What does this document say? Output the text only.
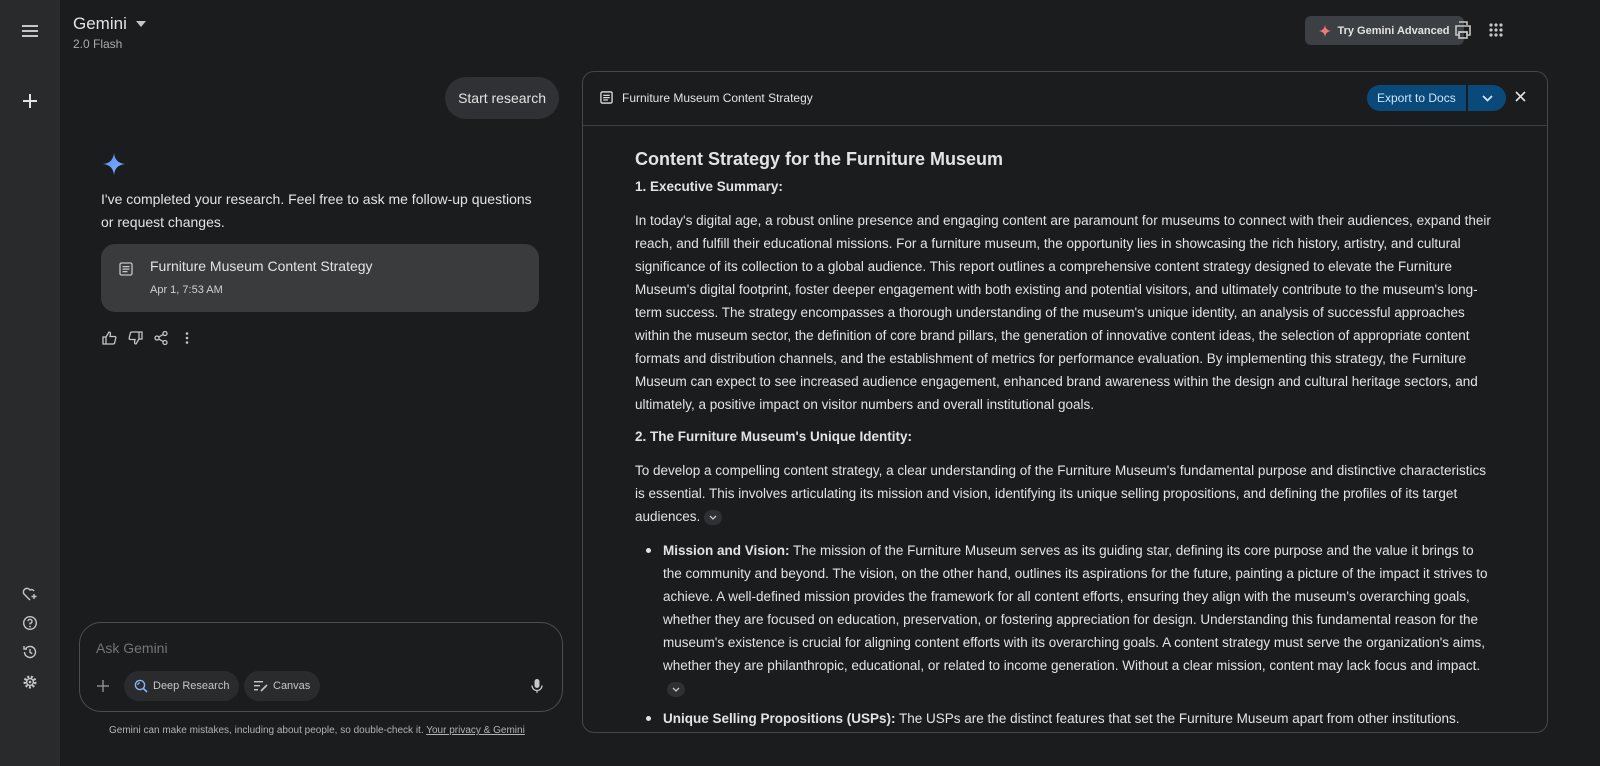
Gemini
2.0 Flash
Try Gemini Advanced
Start research
I've completed your research. Feel free to ask me follow-up questions or request changes.
Furniture Museum Content Strategy
Apr 1, 7:53 AM
Ask Gemini
Deep Research	Canvas
Gemini can make mistakes, including about people, so double-check it. Your privacy & Gemini
Furniture Museum Content Strategy	Export to Docs
Content Strategy for the Furniture Museum
1. Executive Summary:

In today's digital age, a robust online presence and engaging content are paramount for museums to connect with their audiences, expand their reach, and fulfill their educational missions. For a furniture museum, the opportunity lies in showcasing the rich history, artistry, and cultural significance of its collection to a global audience. This report outlines a comprehensive content strategy designed to elevate the Furniture Museum's digital footprint, foster deeper engagement with both existing and potential visitors, and ultimately contribute to the museum's long-term success. The strategy encompasses a thorough understanding of the museum's unique identity, an analysis of successful approaches within the museum sector, the definition of core brand pillars, the generation of innovative content ideas, the selection of appropriate content formats and distribution channels, and the establishment of metrics for performance evaluation. By implementing this strategy, the Furniture Museum can expect to see increased audience engagement, enhanced brand awareness within the design and cultural heritage sectors, and ultimately, a positive impact on visitor numbers and overall institutional goals.

2. The Furniture Museum's Unique Identity:

To develop a compelling content strategy, a clear understanding of the Furniture Museum's fundamental purpose and distinctive characteristics is essential. This involves articulating its mission and vision, identifying its unique selling propositions, and defining the profiles of its target audiences.

Mission and Vision: The mission of the Furniture Museum serves as its guiding star, defining its core purpose and the value it brings to the community and beyond. The vision, on the other hand, outlines its aspirations for the future, painting a picture of the impact it strives to achieve. A well-defined mission provides the framework for all content efforts, ensuring they align with the museum's overarching goals, whether they are focused on education, preservation, or fostering appreciation for design. Understanding this fundamental reason for the museum's existence is crucial for aligning content efforts with its overarching goals. A content strategy must serve the organization's aims, whether they are philanthropic, educational, or related to income generation. Without a clear mission, content may lack focus and impact.
Unique Selling Propositions (USPs): The USPs are the distinct features that set the Furniture Museum apart from other institutions.
